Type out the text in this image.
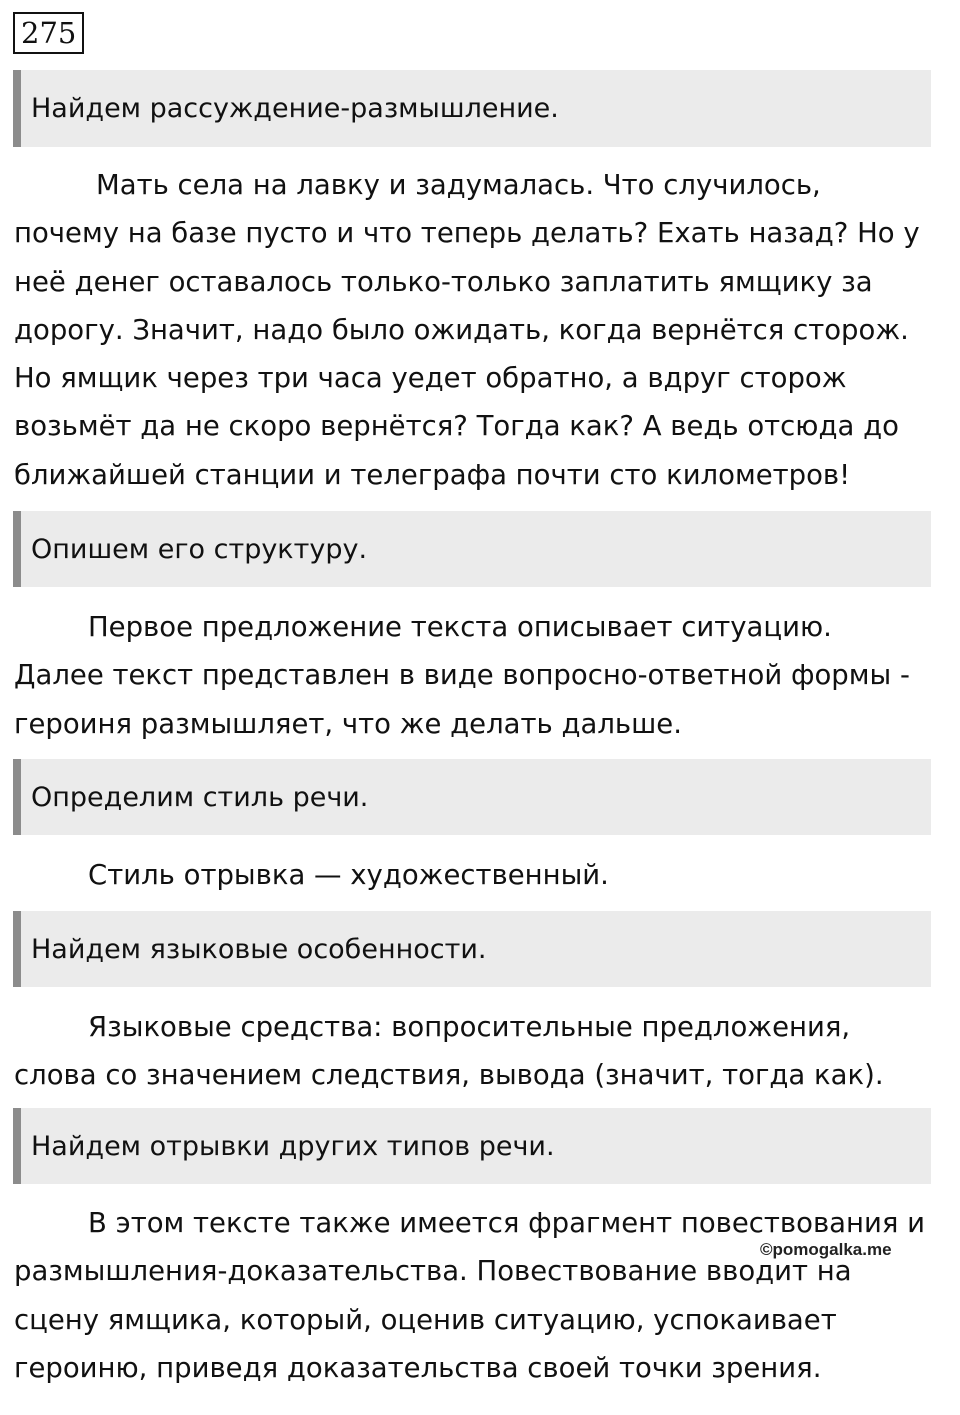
275
Найдем рассуждение-размышление.
Мать села на лавку и задумалась. Что случилось,
почему на базе пусто и что теперь делать? Ехать назад? Но у
неё денег оставалось только-только заплатить ямщику за
дорогу. Значит, надо было ожидать, когда вернётся сторож.
Но ямщик через три часа уедет обратно, а вдруг сторож
возьмёт да не скоро вернётся? Тогда как? А ведь отсюда до
ближайшей станции и телеграфа почти сто километров!
Опишем его структуру.
Первое предложение текста описывает ситуацию.
Далее текст представлен в виде вопросно-ответной формы -
героиня размышляет, что же делать дальше.
Определим стиль речи.
Стиль отрывка — художественный.
Найдем языковые особенности.
Языковые средства: вопросительные предложения,
слова со значением следствия, вывода (значит, тогда как).
Найдем отрывки других типов речи.
В этом тексте также имеется фрагмент повествования и
размышления-доказательства. Повествование вводит на
сцену ямщика, который, оценив ситуацию, успокаивает
героиню, приведя доказательства своей точки зрения.
©pomogalka.me
